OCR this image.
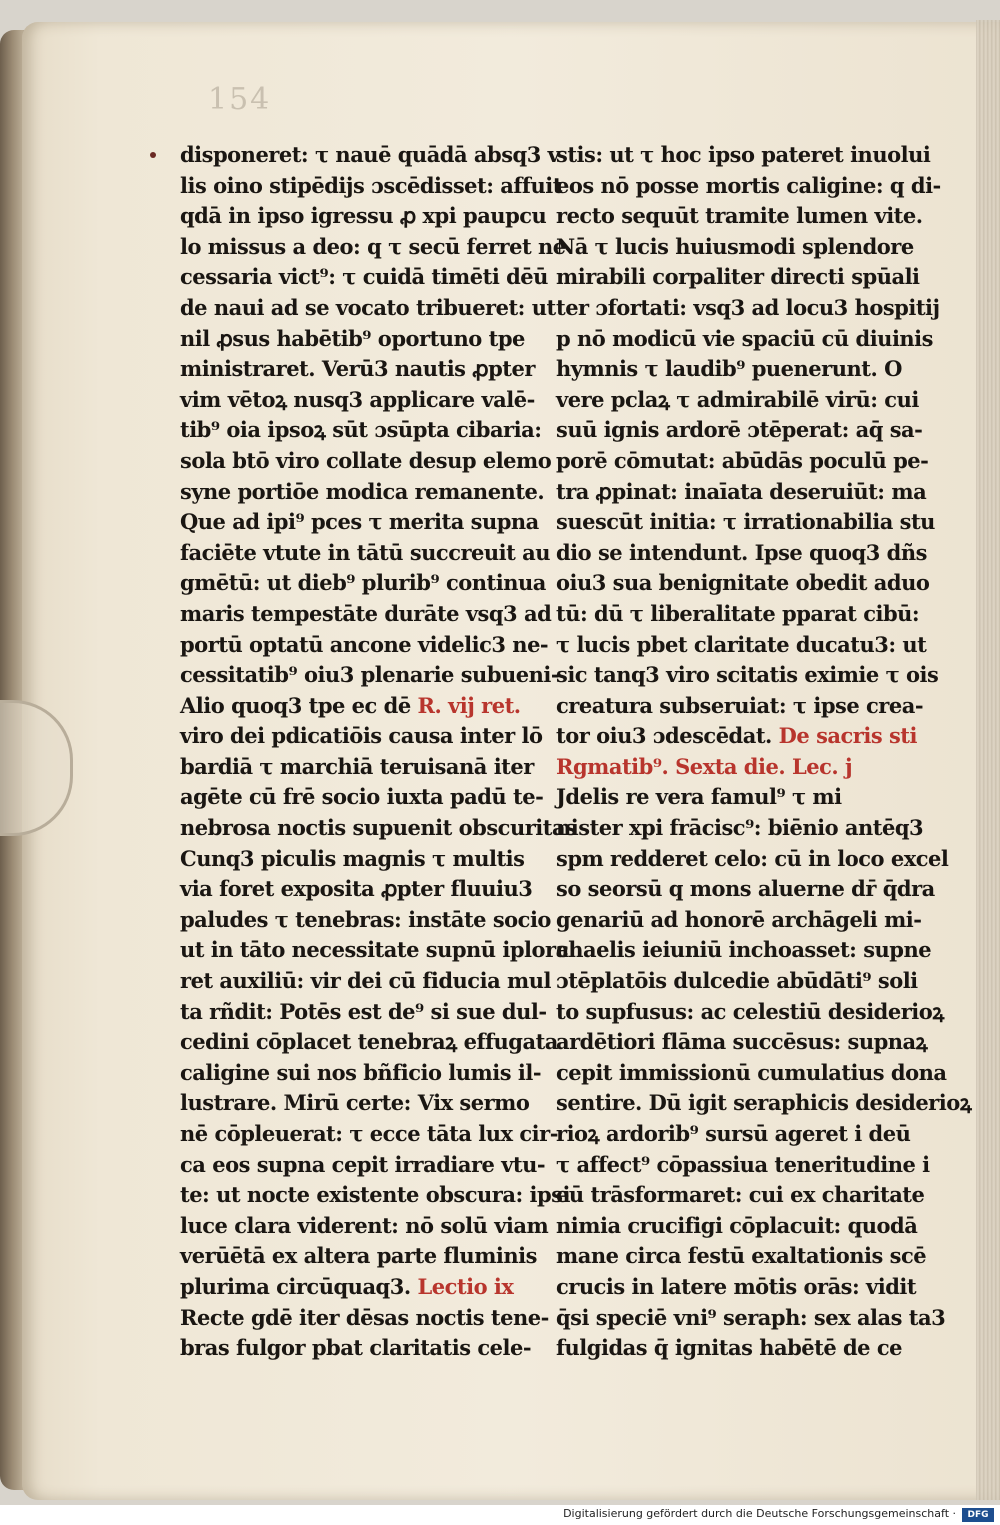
154
disponeret: τ nauē quādā absq3 v
lis oino stipēdijs ɔscēdisset: affuit
qdā in ipso igressu ꝓ xpi paupcu
lo missus a deo: q τ secū ferret ne
cessaria vict⁹: τ cuidā timēti dēū
de naui ad se vocato tribueret: ut
nil ꝓsus habētib⁹ oportuno tpe
ministraret. Verū3 nautis ꝓpter
vim vētoꝝ nusq3 applicare valē-
tib⁹ oia ipsoꝝ sūt ɔsūpta cibaria:
sola btō viro collate desup elemo
syne portiōe modica remanente.
Que ad ipi⁹ pces τ merita supna
faciēte vtute in tātū succreuit au
gmētū: ut dieb⁹ plurib⁹ continua
maris tempestāte durāte vsq3 ad
portū optatū ancone videlic3 ne-
cessitatib⁹ oiu3 plenarie subueni-
Alio quoq3 tpe ec dē R. vij ret.
viro dei pdicatiōis causa inter lō
bardiā τ marchiā teruisanā iter
agēte cū frē socio iuxta padū te-
nebrosa noctis supuenit obscuritas
Cunq3 piculis magnis τ multis
via foret exposita ꝓpter fluuiu3
paludes τ tenebras: instāte socio
ut in tāto necessitate supnū iplora
ret auxiliū: vir dei cū fiducia mul
ta rñdit: Potēs est de⁹ si sue dul-
cedini cōplacet tenebraꝝ effugata
caligine sui nos bñficio lumis il-
lustrare. Mirū certe: Vix sermo
nē cōpleuerat: τ ecce tāta lux cir-
ca eos supna cepit irradiare vtu-
te: ut nocte existente obscura: ipsi
luce clara viderent: nō solū viam
verūētā ex altera parte fluminis
plurima circūquaq3. Lectio ix
Recte gdē iter dēsas noctis tene-
bras fulgor pbat claritatis cele-
stis: ut τ hoc ipso pateret inuolui
eos nō posse mortis caligine: q di-
recto sequūt tramite lumen vite.
Nā τ lucis huiusmodi splendore
mirabili corpaliter directi spūali
ter ɔfortati: vsq3 ad locu3 hospitij
p nō modicū vie spaciū cū diuinis
hymnis τ laudib⁹ puenerunt. O
vere pclaꝝ τ admirabilē virū: cui
suū ignis ardorē ɔtēperat: aq̄ sa-
porē cōmutat: abūdās poculū pe-
tra ꝓpinat: inaīata deseruiūt: ma
suescūt initia: τ irrationabilia stu
dio se intendunt. Ipse quoq3 dñs
oiu3 sua benignitate obedit aduo
tū: dū τ liberalitate pparat cibū:
τ lucis pbet claritate ducatu3: ut
sic tanq3 viro scitatis eximie τ ois
creatura subseruiat: τ ipse crea-
tor oiu3 ɔdescēdat. De sacris sti
Rgmatib⁹. Sexta die. Lec. j
Jdelis re vera famul⁹ τ mi
nister xpi frācisc⁹: biēnio antēq3
spm redderet celo: cū in loco excel
so seorsū q mons aluerne dr̄ q̄dra
genariū ad honorē archāgeli mi-
chaelis ieiuniū inchoasset: supne
ɔtēplatōis dulcedie abūdāti⁹ soli
to supfusus: ac celestiū desiderioꝝ
ardētiori flāma succēsus: supnaꝝ
cepit immissionū cumulatius dona
sentire. Dū igit seraphicis desiderioꝝ
rioꝝ ardorib⁹ sursū ageret i deū
τ affect⁹ cōpassiua teneritudine i
eū trāsformaret: cui ex charitate
nimia crucifigi cōplacuit: quodā
mane circa festū exaltationis scē
crucis in latere mōtis orās: vidit
q̄si speciē vni⁹ seraph: sex alas ta3
fulgidas q̄ ignitas habētē de ce
Digitalisierung gefördert durch die Deutsche Forschungsgemeinschaft ·	DFG
